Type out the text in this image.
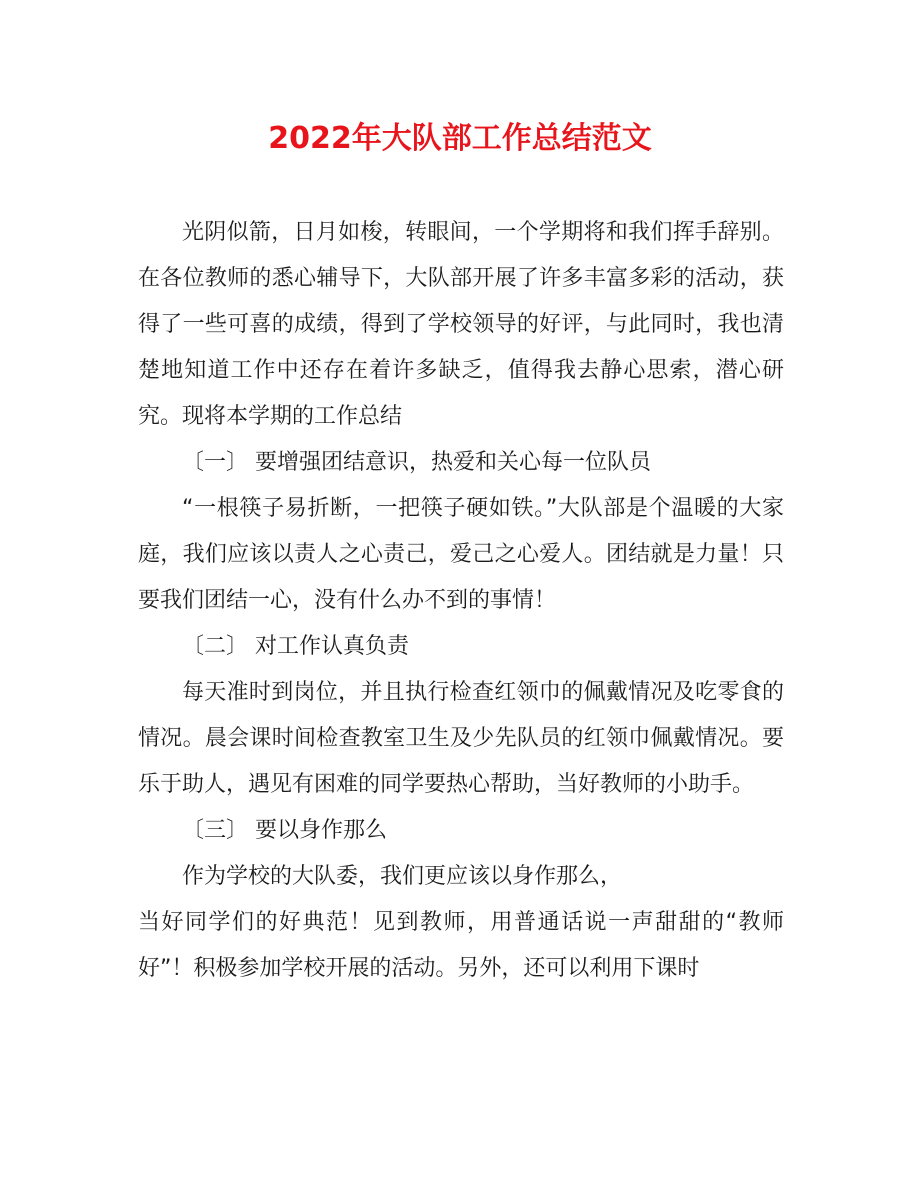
2022年大队部工作总结范文

光阴似箭，日月如梭，转眼间，一个学期将和我们挥手辞别。在各位教师的悉心辅导下，大队部开展了许多丰富多彩的活动，获得了一些可喜的成绩，得到了学校领导的好评，与此同时，我也清楚地知道工作中还存在着许多缺乏，值得我去静心思索，潜心研究。现将本学期的工作总结

〔一〕 要增强团结意识，热爱和关心每一位队员

“一根筷子易折断，一把筷子硬如铁。”大队部是个温暖的大家庭，我们应该以责人之心责己，爱己之心爱人。团结就是力量！只要我们团结一心，没有什么办不到的事情！

〔二〕 对工作认真负责

每天准时到岗位，并且执行检查红领巾的佩戴情况及吃零食的情况。晨会课时间检查教室卫生及少先队员的红领巾佩戴情况。要乐于助人，遇见有困难的同学要热心帮助，当好教师的小助手。

〔三〕 要以身作那么

作为学校的大队委，我们更应该以身作那么，

当好同学们的好典范！见到教师，用普通话说一声甜甜的“教师好”！积极参加学校开展的活动。另外，还可以利用下课时
